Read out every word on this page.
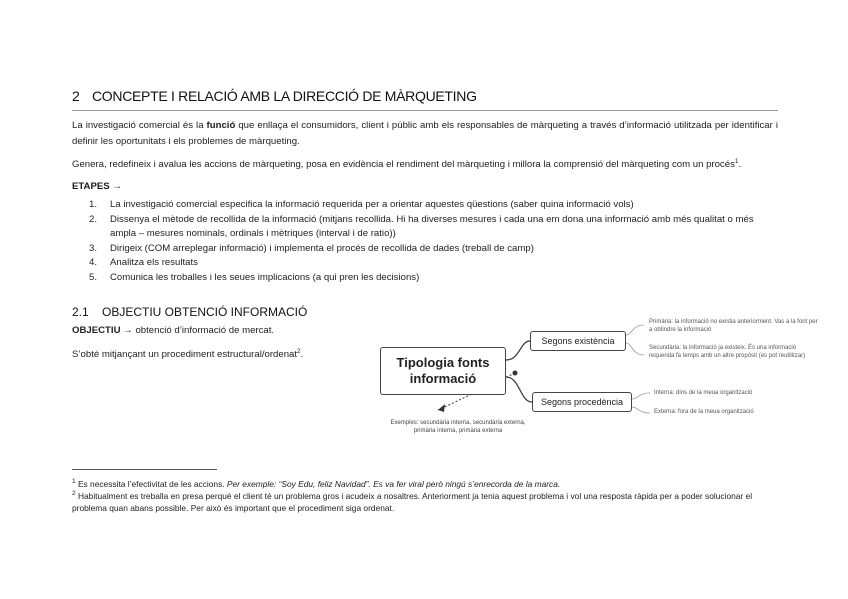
2 CONCEPTE I RELACIÓ AMB LA DIRECCIÓ DE MÀRQUETING
La investigació comercial és la funció que enllaça el consumidors, client i públic amb els responsables de màrqueting a través d’informació utilitzada per identificar i definir les oportunitats i els problemes de màrqueting.
Genera, redefineix i avalua les accions de màrqueting, posa en evidència el rendiment del màrqueting i millora la comprensió del màrqueting com un procés$^1$.
ETAPES →
1. La investigació comercial especifica la informació requerida per a orientar aquestes qüestions (saber quina informació vols)
2. Dissenya el mètode de recollida de la informació (mitjans recollida. Hi ha diverses mesures i cada una em dona una informació amb més qualitat o més ampla – mesures nominals, ordinals i mètriques (interval i de ratio))
3. Dirigeix (COM arreplegar informació) i implementa el procés de recollida de dades (treball de camp)
4. Analitza els resultats
5. Comunica les troballes i les seues implicacions (a qui pren les decisions)
2.1 OBJECTIU OBTENCIÓ INFORMACIÓ
OBJECTIU → obtenció d’informació de mercat.
S’obté mitjançant un procediment estructural/ordenat$^2$.
Tipologia fonts informació
Segons existència
Segons procedència
Primària: la informació no existia anteriorment. Vas a la font per a obtindre la informació
Secundària: la informació ja existeix. És una informació requerida fa temps amb un altre propòsit (es pot reutilitzar)
Interna: dins de la meua organització
Externa: fora de la meua organització
Exemples: secundària interna, secundària externa, primària interna, primària externa
$^1$ Es necessita l’efectivitat de les accions. Per exemple: “Soy Edu, feliz Navidad”. Es va fer viral però ningú s’enrecorda de la marca.
$^2$ Habitualment es treballa en presa perquè el client té un problema gros i acudeix a nosaltres. Anteriorment ja tenia aquest problema i vol una resposta ràpida per a poder solucionar el problema quan abans possible. Per això és important que el procediment siga ordenat.
